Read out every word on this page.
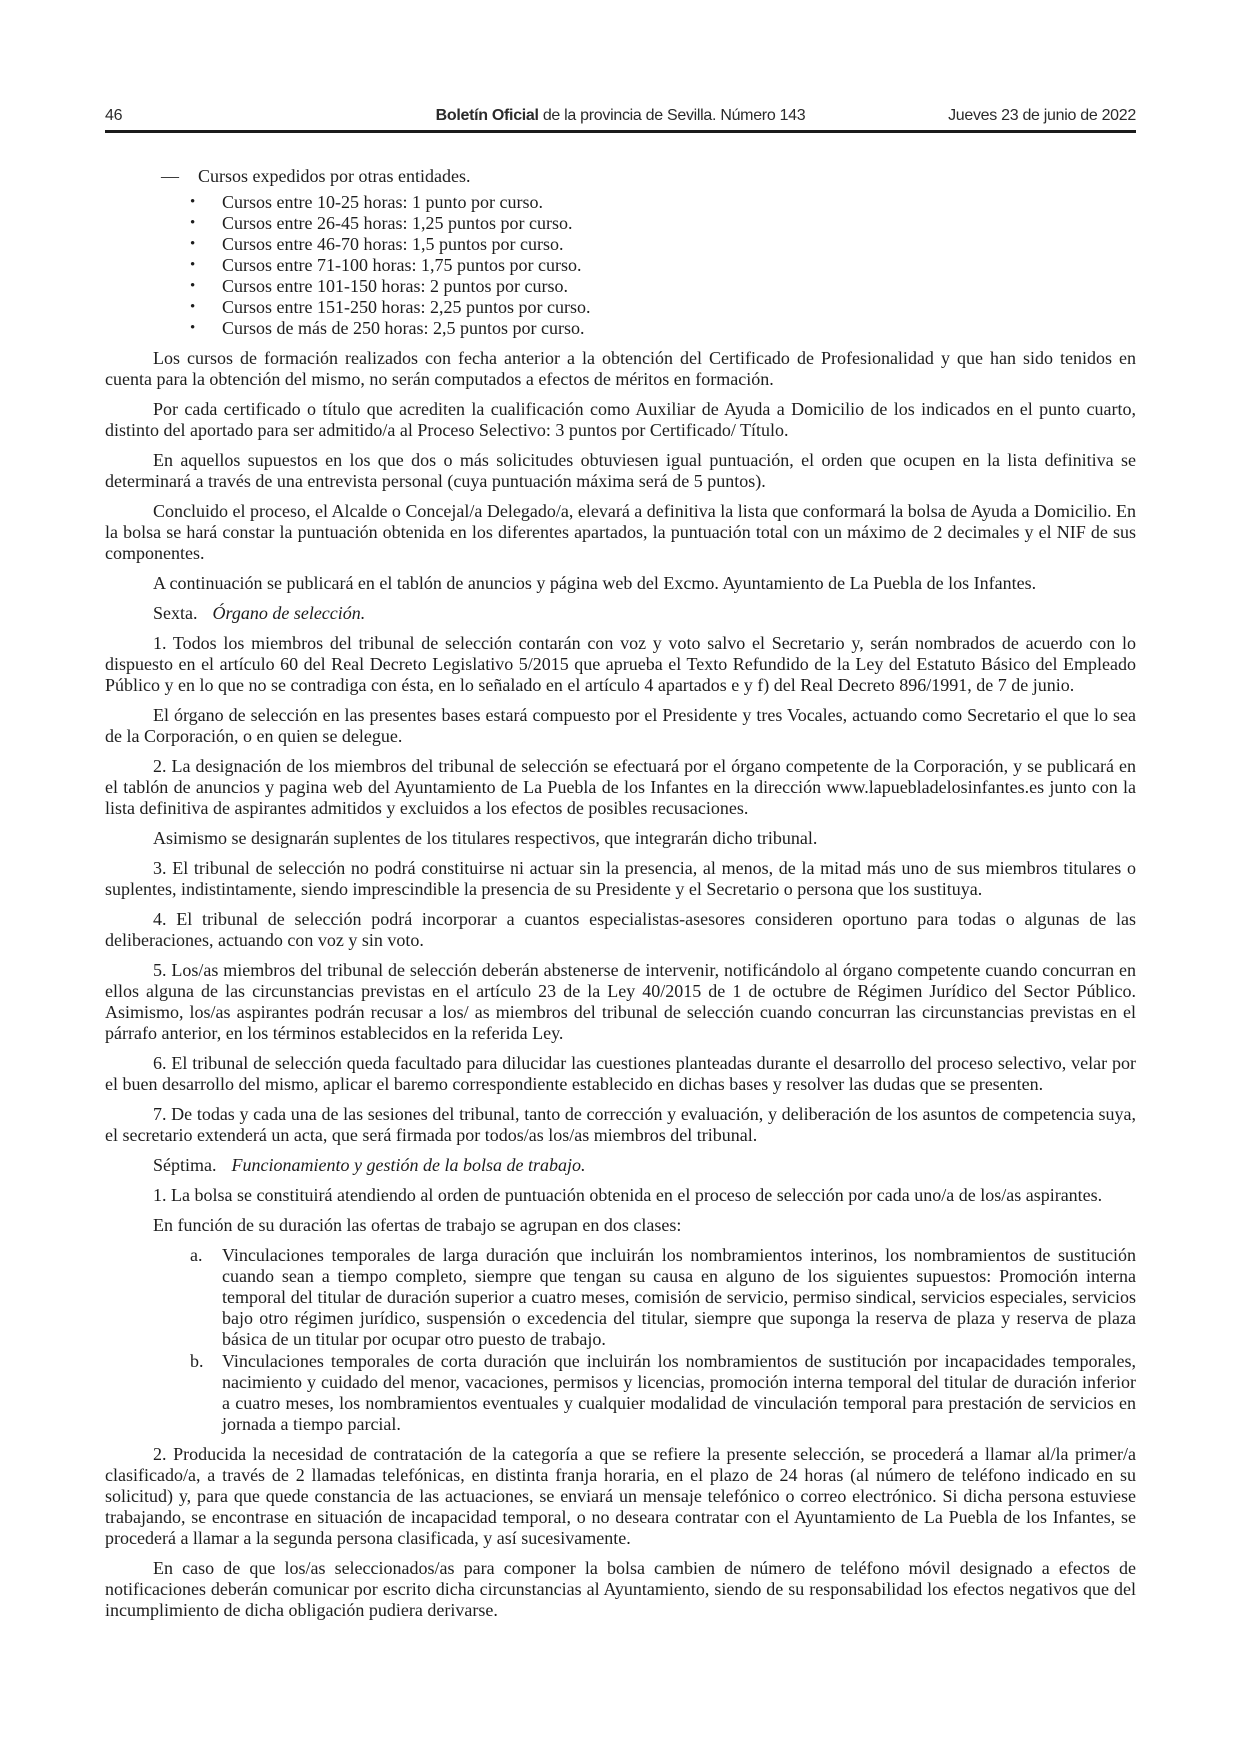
46	Boletín Oficial de la provincia de Sevilla. Número 143	Jueves 23 de junio de 2022
—	Cursos expedidos por otras entidades.
•	Cursos entre 10-25 horas: 1 punto por curso.
•	Cursos entre 26-45 horas: 1,25 puntos por curso.
•	Cursos entre 46-70 horas: 1,5 puntos por curso.
•	Cursos entre 71-100 horas: 1,75 puntos por curso.
•	Cursos entre 101-150 horas: 2 puntos por curso.
•	Cursos entre 151-250 horas: 2,25 puntos por curso.
•	Cursos de más de 250 horas: 2,5 puntos por curso.

Los cursos de formación realizados con fecha anterior a la obtención del Certificado de Profesionalidad y que han sido tenidos en cuenta para la obtención del mismo, no serán computados a efectos de méritos en formación.

Por cada certificado o título que acrediten la cualificación como Auxiliar de Ayuda a Domicilio de los indicados en el punto cuarto, distinto del aportado para ser admitido/a al Proceso Selectivo: 3 puntos por Certificado/ Título.

En aquellos supuestos en los que dos o más solicitudes obtuviesen igual puntuación, el orden que ocupen en la lista definitiva se determinará a través de una entrevista personal (cuya puntuación máxima será de 5 puntos).

Concluido el proceso, el Alcalde o Concejal/a Delegado/a, elevará a definitiva la lista que conformará la bolsa de Ayuda a Domicilio. En la bolsa se hará constar la puntuación obtenida en los diferentes apartados, la puntuación total con un máximo de 2 decimales y el NIF de sus componentes.

A continuación se publicará en el tablón de anuncios y página web del Excmo. Ayuntamiento de La Puebla de los Infantes.

Sexta. Órgano de selección.

1. Todos los miembros del tribunal de selección contarán con voz y voto salvo el Secretario y, serán nombrados de acuerdo con lo dispuesto en el artículo 60 del Real Decreto Legislativo 5/2015 que aprueba el Texto Refundido de la Ley del Estatuto Básico del Empleado Público y en lo que no se contradiga con ésta, en lo señalado en el artículo 4 apartados e y f) del Real Decreto 896/1991, de 7 de junio.

El órgano de selección en las presentes bases estará compuesto por el Presidente y tres Vocales, actuando como Secretario el que lo sea de la Corporación, o en quien se delegue.

2. La designación de los miembros del tribunal de selección se efectuará por el órgano competente de la Corporación, y se publicará en el tablón de anuncios y pagina web del Ayuntamiento de La Puebla de los Infantes en la dirección www.lapuebladelosinfantes.es junto con la lista definitiva de aspirantes admitidos y excluidos a los efectos de posibles recusaciones.

Asimismo se designarán suplentes de los titulares respectivos, que integrarán dicho tribunal.

3. El tribunal de selección no podrá constituirse ni actuar sin la presencia, al menos, de la mitad más uno de sus miembros titulares o suplentes, indistintamente, siendo imprescindible la presencia de su Presidente y el Secretario o persona que los sustituya.

4. El tribunal de selección podrá incorporar a cuantos especialistas-asesores consideren oportuno para todas o algunas de las deliberaciones, actuando con voz y sin voto.

5. Los/as miembros del tribunal de selección deberán abstenerse de intervenir, notificándolo al órgano competente cuando concurran en ellos alguna de las circunstancias previstas en el artículo 23 de la Ley 40/2015 de 1 de octubre de Régimen Jurídico del Sector Público. Asimismo, los/as aspirantes podrán recusar a los/ as miembros del tribunal de selección cuando concurran las circunstancias previstas en el párrafo anterior, en los términos establecidos en la referida Ley.

6. El tribunal de selección queda facultado para dilucidar las cuestiones planteadas durante el desarrollo del proceso selectivo, velar por el buen desarrollo del mismo, aplicar el baremo correspondiente establecido en dichas bases y resolver las dudas que se presenten.

7. De todas y cada una de las sesiones del tribunal, tanto de corrección y evaluación, y deliberación de los asuntos de competencia suya, el secretario extenderá un acta, que será firmada por todos/as los/as miembros del tribunal.

Séptima. Funcionamiento y gestión de la bolsa de trabajo.

1. La bolsa se constituirá atendiendo al orden de puntuación obtenida en el proceso de selección por cada uno/a de los/as aspirantes.

En función de su duración las ofertas de trabajo se agrupan en dos clases:

a. Vinculaciones temporales de larga duración que incluirán los nombramientos interinos, los nombramientos de sustitución cuando sean a tiempo completo, siempre que tengan su causa en alguno de los siguientes supuestos: Promoción interna temporal del titular de duración superior a cuatro meses, comisión de servicio, permiso sindical, servicios especiales, servicios bajo otro régimen jurídico, suspensión o excedencia del titular, siempre que suponga la reserva de plaza y reserva de plaza básica de un titular por ocupar otro puesto de trabajo.
b. Vinculaciones temporales de corta duración que incluirán los nombramientos de sustitución por incapacidades temporales, nacimiento y cuidado del menor, vacaciones, permisos y licencias, promoción interna temporal del titular de duración inferior a cuatro meses, los nombramientos eventuales y cualquier modalidad de vinculación temporal para prestación de servicios en jornada a tiempo parcial.

2. Producida la necesidad de contratación de la categoría a que se refiere la presente selección, se procederá a llamar al/la primer/a clasificado/a, a través de 2 llamadas telefónicas, en distinta franja horaria, en el plazo de 24 horas (al número de teléfono indicado en su solicitud) y, para que quede constancia de las actuaciones, se enviará un mensaje telefónico o correo electrónico. Si dicha persona estuviese trabajando, se encontrase en situación de incapacidad temporal, o no deseara contratar con el Ayuntamiento de La Puebla de los Infantes, se procederá a llamar a la segunda persona clasificada, y así sucesivamente.

En caso de que los/as seleccionados/as para componer la bolsa cambien de número de teléfono móvil designado a efectos de notificaciones deberán comunicar por escrito dicha circunstancias al Ayuntamiento, siendo de su responsabilidad los efectos negativos que del incumplimiento de dicha obligación pudiera derivarse.
